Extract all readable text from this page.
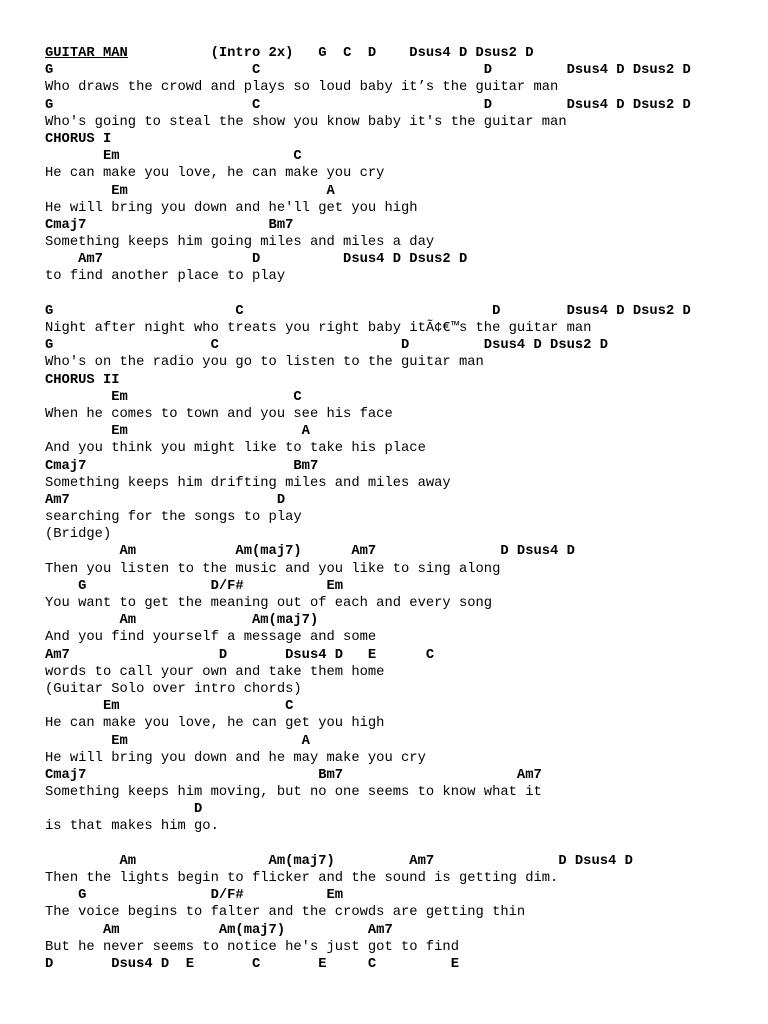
GUITAR MAN          (Intro 2x)   G  C  D    Dsus4 D Dsus2 D
G                        C                           D         Dsus4 D Dsus2 D
Who draws the crowd and plays so loud baby it’s the guitar man
G                        C                           D         Dsus4 D Dsus2 D
Who's going to steal the show you know baby it's the guitar man
CHORUS I
Em                     C
He can make you love, he can make you cry
Em                        A
He will bring you down and he'll get you high
Cmaj7                      Bm7
Something keeps him going miles and miles a day
Am7                  D          Dsus4 D Dsus2 D
to find another place to play
G                      C                              D        Dsus4 D Dsus2 D
Night after night who treats you right baby itÃ¢€™s the guitar man
G                   C                      D         Dsus4 D Dsus2 D
Who's on the radio you go to listen to the guitar man
CHORUS II
Em                    C
When he comes to town and you see his face
Em                     A
And you think you might like to take his place
Cmaj7                         Bm7
Something keeps him drifting miles and miles away
Am7                         D
searching for the songs to play
(Bridge)
Am            Am(maj7)      Am7               D Dsus4 D
Then you listen to the music and you like to sing along
G               D/F#          Em
You want to get the meaning out of each and every song
Am              Am(maj7)
And you find yourself a message and some
Am7                  D       Dsus4 D   E      C
words to call your own and take them home
(Guitar Solo over intro chords)
Em                    C
He can make you love, he can get you high
Em                     A
He will bring you down and he may make you cry
Cmaj7                            Bm7                     Am7
Something keeps him moving, but no one seems to know what it
D
is that makes him go.
Am                Am(maj7)         Am7               D Dsus4 D
Then the lights begin to flicker and the sound is getting dim.
G               D/F#          Em
The voice begins to falter and the crowds are getting thin
Am            Am(maj7)          Am7
But he never seems to notice he's just got to find
D       Dsus4 D  E       C       E     C         E
